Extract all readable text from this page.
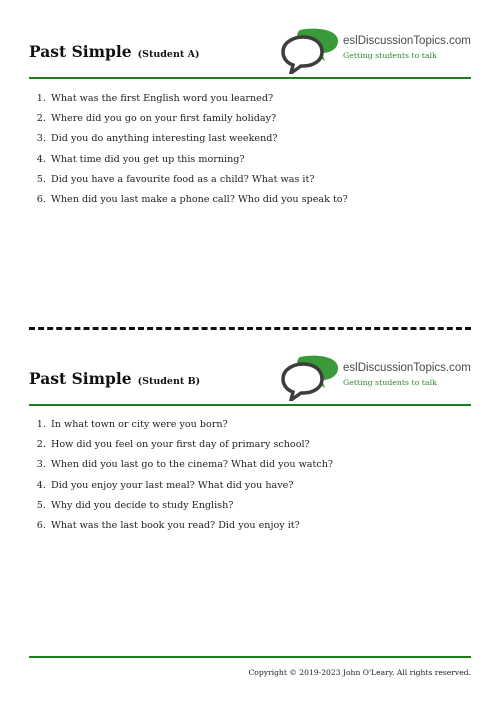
Past Simple (Student A)
eslDiscussionTopics.com
Getting students to talk
1. What was the first English word you learned?
2. Where did you go on your first family holiday?
3. Did you do anything interesting last weekend?
4. What time did you get up this morning?
5. Did you have a favourite food as a child? What was it?
6. When did you last make a phone call? Who did you speak to?
Past Simple (Student B)
eslDiscussionTopics.com
Getting students to talk
1. In what town or city were you born?
2. How did you feel on your first day of primary school?
3. When did you last go to the cinema? What did you watch?
4. Did you enjoy your last meal? What did you have?
5. Why did you decide to study English?
6. What was the last book you read? Did you enjoy it?
Copyright © 2019-2023 John O'Leary. All rights reserved.
